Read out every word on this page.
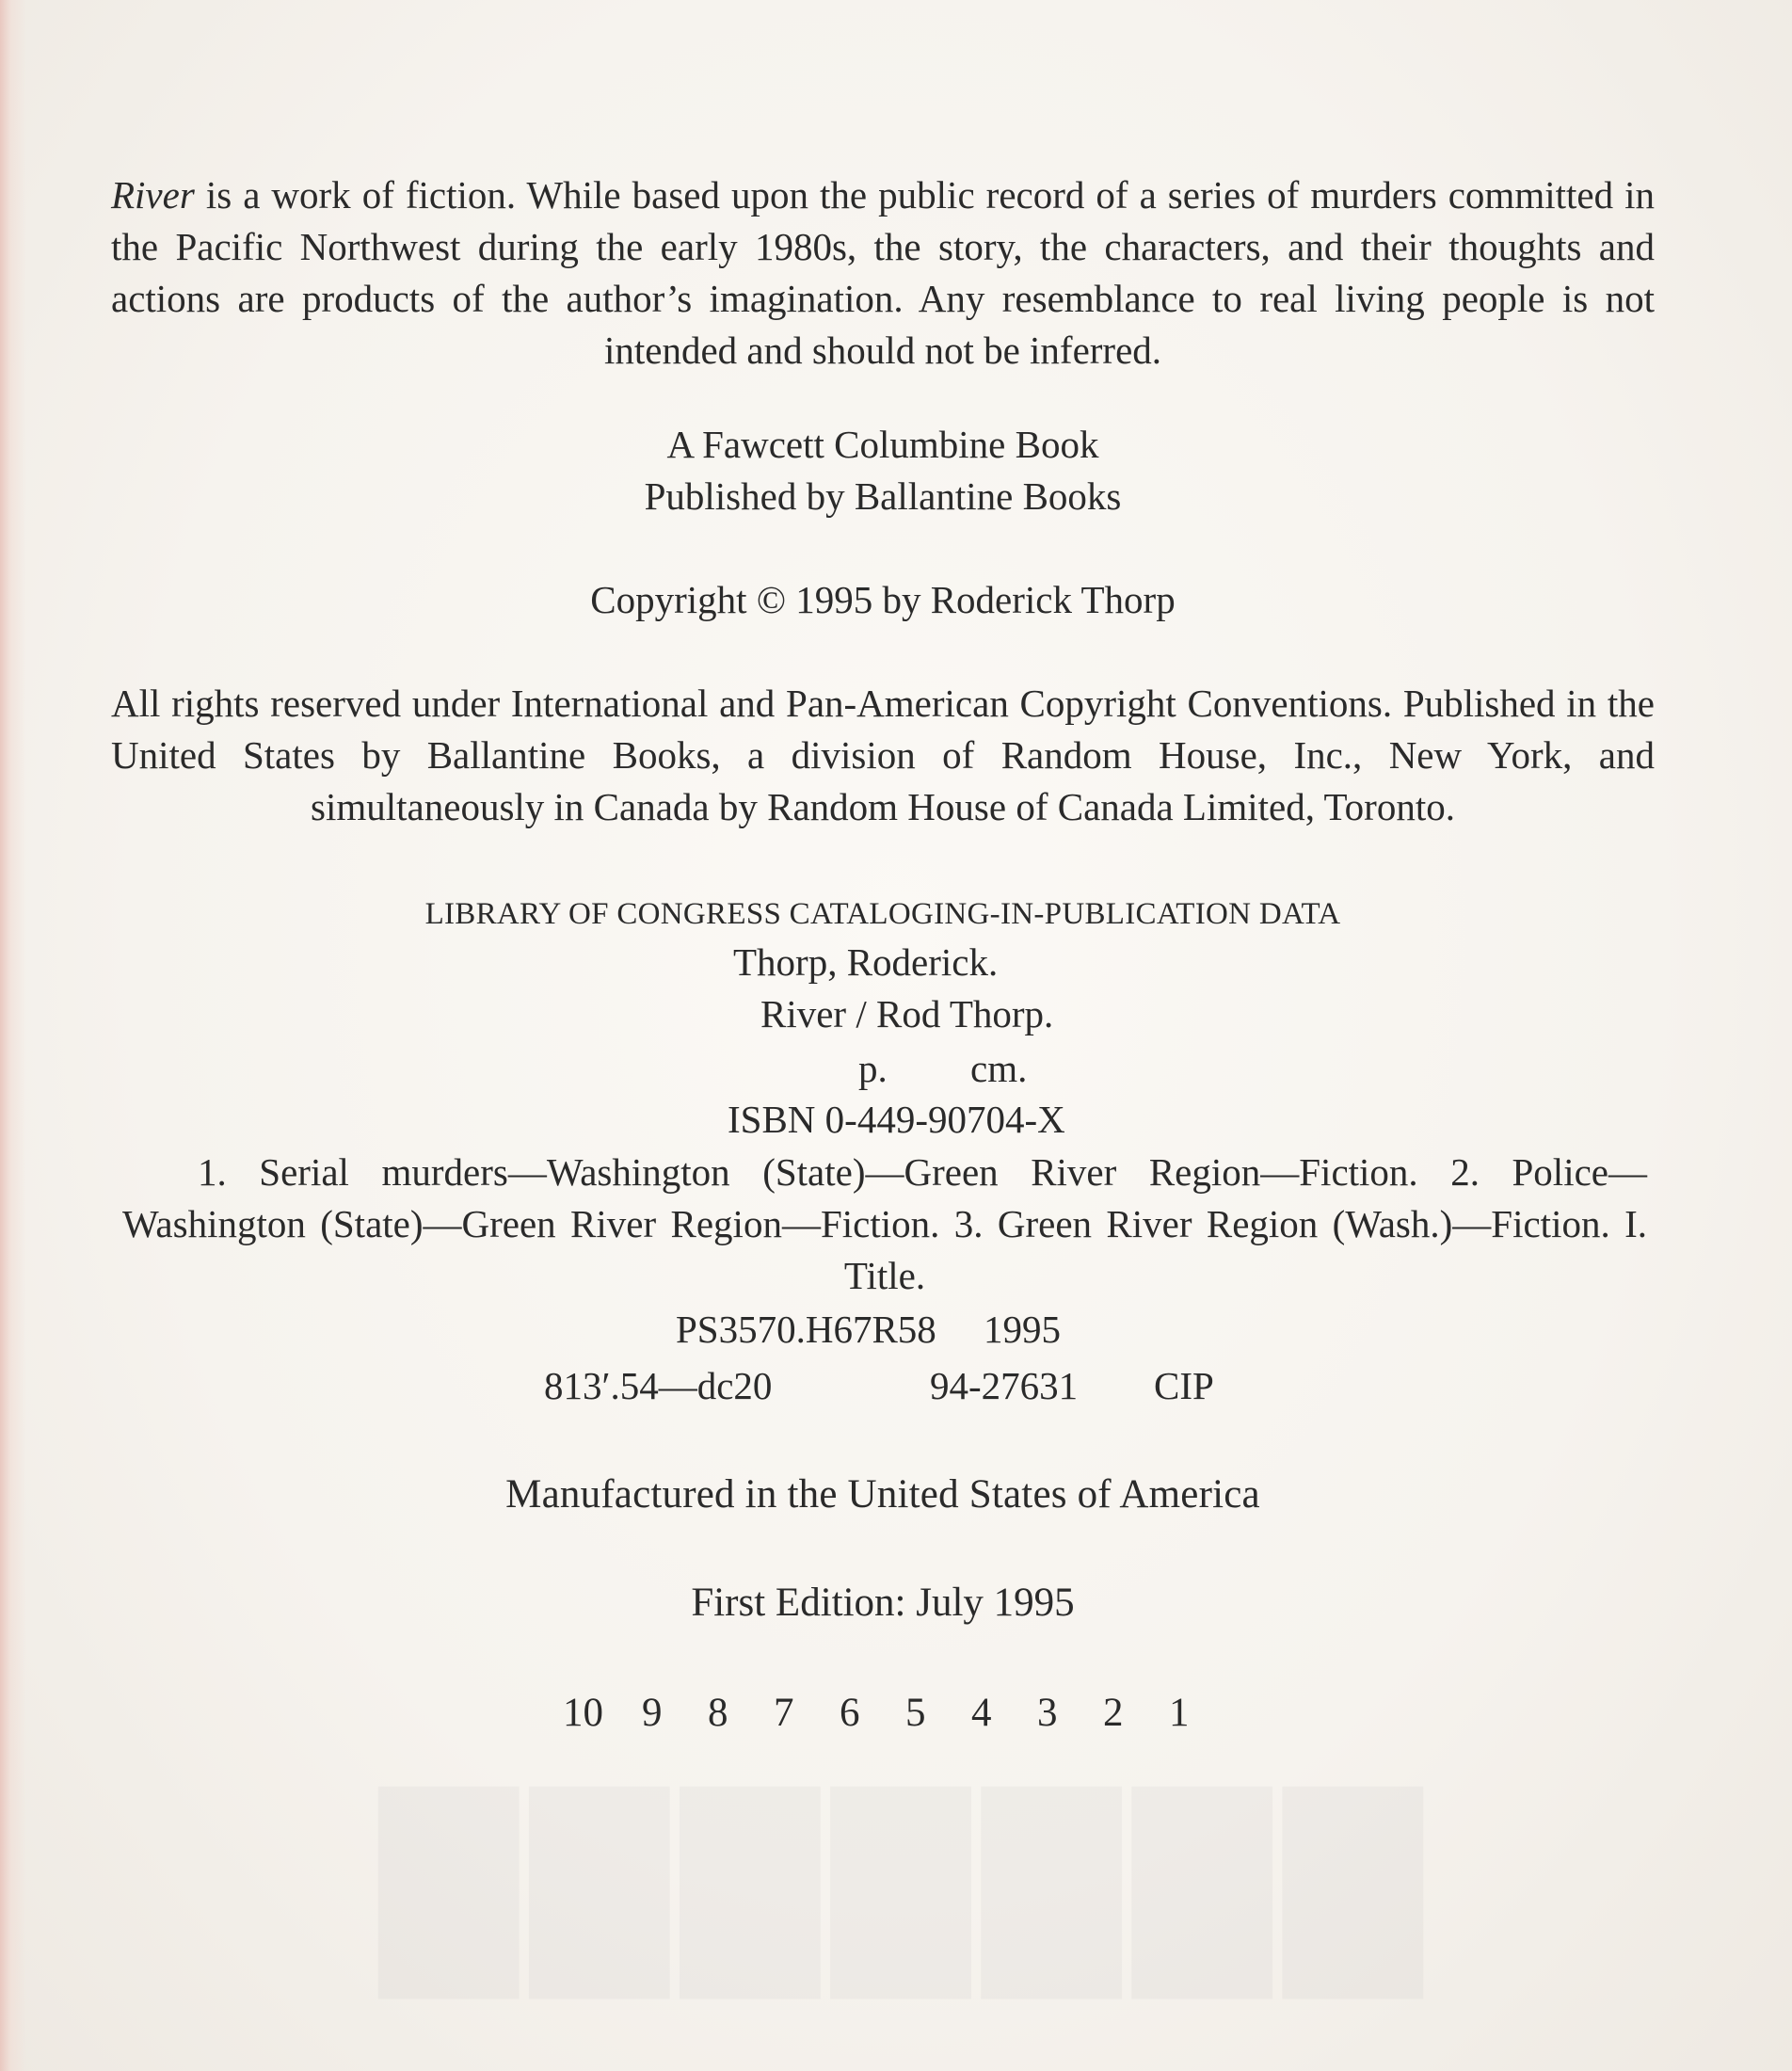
River is a work of fiction. While based upon the public record of a series of murders committed in the Pacific Northwest during the early 1980s, the story, the characters, and their thoughts and actions are products of the author’s imagination. Any resemblance to real living people is not intended and should not be inferred.
A Fawcett Columbine Book
Published by Ballantine Books
Copyright © 1995 by Roderick Thorp
All rights reserved under International and Pan-American Copyright Conventions. Published in the United States by Ballantine Books, a division of Random House, Inc., New York, and simultaneously in Canada by Random House of Canada Limited, Toronto.
LIBRARY OF CONGRESS CATALOGING-IN-PUBLICATION DATA
Thorp, Roderick.
River / Rod Thorp.
p. cm.
ISBN 0-449-90704-X
1. Serial murders—Washington (State)—Green River Region—Fiction. 2. Police—Washington (State)—Green River Region—Fiction. 3. Green River Region (Wash.)—Fiction. I. Title.
PS3570.H67R58 1995
813′.54—dc20	94-27631 CIP
Manufactured in the United States of America
First Edition: July 1995
10 9 8 7 6 5 4 3 2 1
███████
